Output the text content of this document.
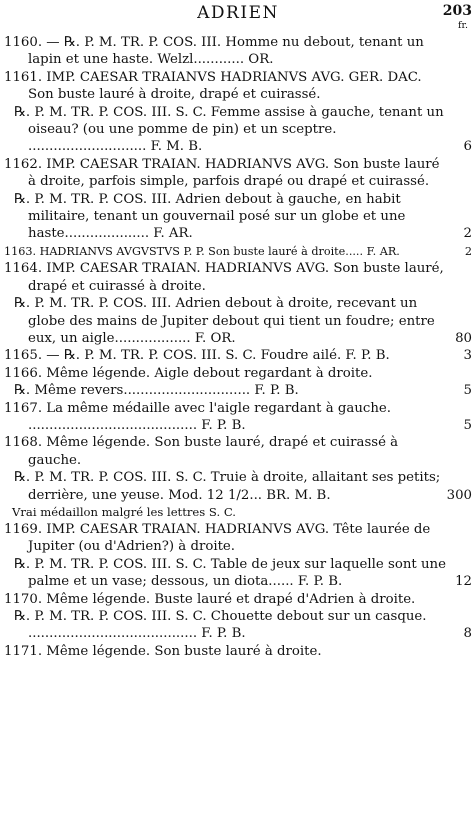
ADRIEN	203
fr.
1160. — ℞. P. M. TR. P. COS. III. Homme nu debout, tenant un lapin et une haste. Welzl............ OR.
1161. IMP. CAESAR TRAIANVS HADRIANVS AVG. GER. DAC. Son buste lauré à droite, drapé et cuirassé.
℞. P. M. TR. P. COS. III. S. C. Femme assise à gauche, tenant un oiseau? (ou une pomme de pin) et un sceptre. ............................ F. M. B.	6
1162. IMP. CAESAR TRAIAN. HADRIANVS AVG. Son buste lauré à droite, parfois simple, parfois drapé ou drapé et cuirassé.
℞. P. M. TR. P. COS. III. Adrien debout à gauche, en habit militaire, tenant un gouvernail posé sur un globe et une haste.................... F. AR.	2
1163. HADRIANVS AVGVSTVS P. P. Son buste lauré à droite..... F. AR.	2
1164. IMP. CAESAR TRAIAN. HADRIANVS AVG. Son buste lauré, drapé et cuirassé à droite.
℞. P. M. TR. P. COS. III. Adrien debout à droite, recevant un globe des mains de Jupiter debout qui tient un foudre; entre eux, un aigle.................. F. OR.	80
1165. — ℞. P. M. TR. P. COS. III. S. C. Foudre ailé. F. P. B.	3
1166. Même légende. Aigle debout regardant à droite.
℞. Même revers.............................. F. P. B.	5
1167. La même médaille avec l'aigle regardant à gauche. ........................................ F. P. B.	5
1168. Même légende. Son buste lauré, drapé et cuirassé à gauche.
℞. P. M. TR. P. COS. III. S. C. Truie à droite, allaitant ses petits; derrière, une yeuse. Mod. 12 1/2... BR. M. B.	300
Vrai médaillon malgré les lettres S. C.
1169. IMP. CAESAR TRAIAN. HADRIANVS AVG. Tête laurée de Jupiter (ou d'Adrien?) à droite.
℞. P. M. TR. P. COS. III. S. C. Table de jeux sur laquelle sont une palme et un vase; dessous, un diota...... F. P. B.	12
1170. Même légende. Buste lauré et drapé d'Adrien à droite.
℞. P. M. TR. P. COS. III. S. C. Chouette debout sur un casque. ........................................ F. P. B.	8
1171. Même légende. Son buste lauré à droite.
